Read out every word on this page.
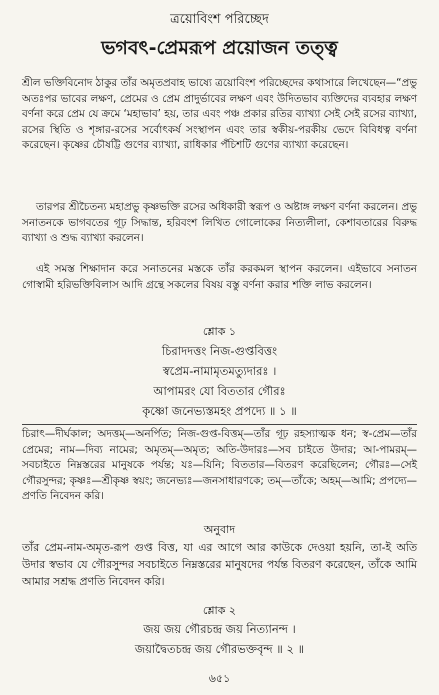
ত্রয়োবিংশ পরিচ্ছেদ
ভগবৎ-প্রেমরূপ প্রয়োজন তত্ত্ব
শ্রীল ভক্তিবিনোদ ঠাকুর তাঁর অমৃতপ্রবাহ ভাষ্যে ত্রয়োবিংশ পরিচ্ছেদের কথাসারে লিখেছেন—“প্রভু অতঃপর ভাবের লক্ষণ, প্রেমের ও প্রেম প্রাদুর্ভাবের লক্ষণ এবং উদিতভাব ব্যক্তিদের ব্যবহার লক্ষণ বর্ণনা করে প্রেম যে ক্রমে ‘মহাভাব’ হয়, তার এবং পঞ্চ প্রকার রতির ব্যাখ্যা সেই সেই রসের ব্যাখ্যা, রসের স্থিতি ও শৃঙ্গার-রসের সর্বোৎকর্ষ সংস্থাপন এবং তার স্বকীয়-পরকীয় ভেদে বিবিধত্ব বর্ণনা করেছেন। কৃষ্ণের চৌষট্টি গুণের ব্যাখ্যা, রাধিকার পঁচিশটি গুণের ব্যাখ্যা করেছেন।
তারপর শ্রীচৈতন্য মহাপ্রভু কৃষ্ণভক্তি রসের অধিকারী স্বরূপ ও অষ্টাঙ্গ লক্ষণ বর্ণনা করলেন। প্রভু সনাতনকে ভাগবতের গূঢ় সিদ্ধান্ত, হরিবংশ লিখিত গোলোকের নিত্যলীলা, কেশাবতারের বিরুদ্ধ ব্যাখ্যা ও শুদ্ধ ব্যাখ্যা করলেন।
এই সমস্ত শিক্ষাদান করে সনাতনের মস্তকে তাঁর করকমল স্থাপন করলেন। এইভাবে সনাতন গোস্বামী হরিভক্তিবিলাস আদি গ্রন্থে সকলের বিষয় বস্তু বর্ণনা করার শক্তি লাভ করলেন।
শ্লোক ১
চিরাদদত্তং নিজ-গুপ্তবিত্তং
স্বপ্রেম-নামামৃতমত্যুদারঃ ।
আপামরং যো বিততার গৌরঃ
কৃষ্ণো জনেভ্যস্তমহং প্রপদ্যে ॥ ১ ॥
চিরাৎ—দীর্ঘকাল; অদত্তম্—অনর্পিত; নিজ-গুপ্ত-বিত্তম্—তাঁর গূঢ় রহস্যাত্মক ধন; স্ব-প্রেম—তাঁর প্রেমের; নাম—দিব্য নামের; অমৃতম্—অমৃত; অতি-উদারঃ—সব চাইতে উদার; আ-পামরম্—সবচাইতে নিম্নস্তরের মানুষকে পর্যন্ত; যঃ—যিনি; বিততার—বিতরণ করেছিলেন; গৌরঃ—সেই গৌরসুন্দর; কৃষ্ণঃ—শ্রীকৃষ্ণ স্বয়ং; জনেভ্যঃ—জনসাধারণকে; তম্—তাঁকে; অহম্—আমি; প্রপদ্যে—প্রণতি নিবেদন করি।
অনুবাদ
তাঁর প্রেম-নাম-অমৃত-রূপ গুপ্ত বিত্ত, যা এর আগে আর কাউকে দেওয়া হয়নি, তা-ই অতি উদার স্বভাব যে গৌরসুন্দর সবচাইতে নিম্নস্তরের মানুষদের পর্যন্ত বিতরণ করেছেন, তাঁকে আমি আমার সশ্রদ্ধ প্রণতি নিবেদন করি।
শ্লোক ২
জয় জয় গৌরচন্দ্র জয় নিত্যানন্দ ।
জয়াদ্বৈতচন্দ্র জয় গৌরভক্তবৃন্দ ॥ ২ ॥
৬৫১
